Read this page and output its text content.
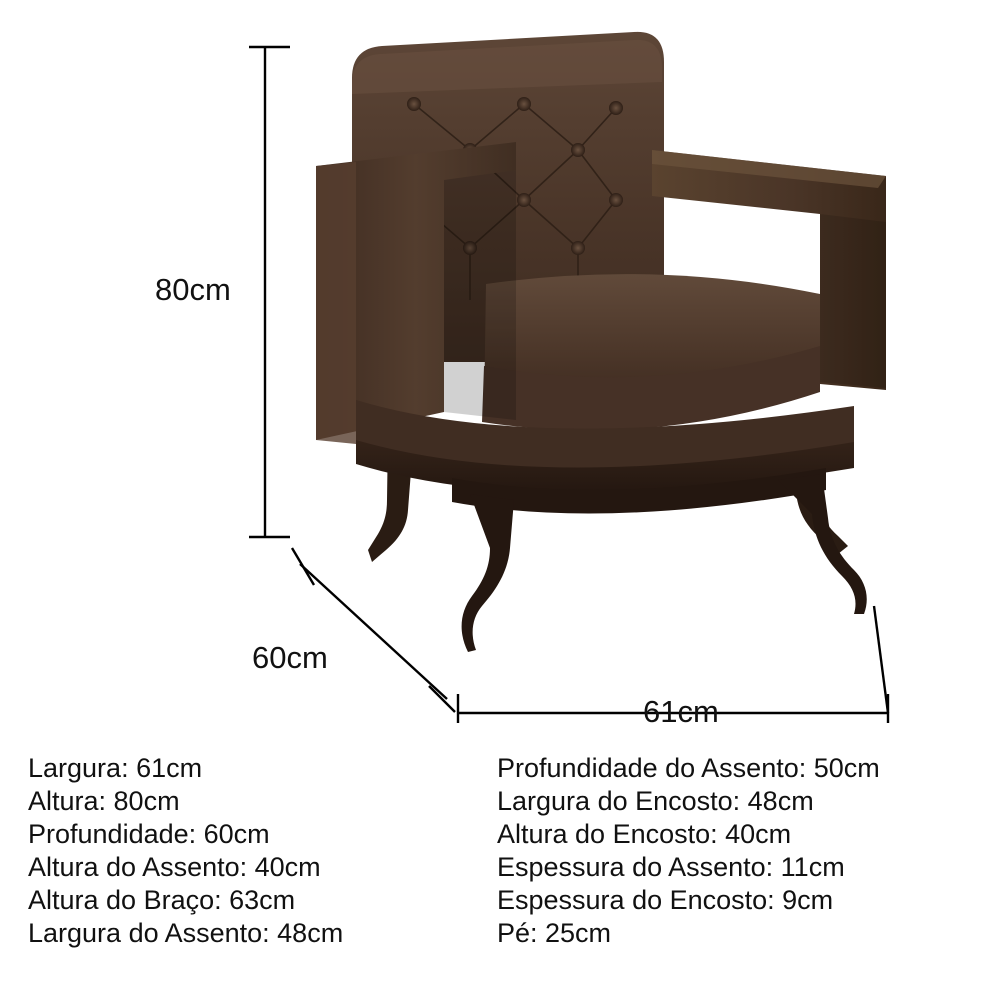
80cm
60cm
61cm
Largura: 61cm
Altura: 80cm
Profundidade: 60cm
Altura do Assento: 40cm
Altura do Braço: 63cm
Largura do Assento: 48cm
Profundidade do Assento: 50cm
Largura do Encosto: 48cm
Altura do Encosto: 40cm
Espessura do Assento: 11cm
Espessura do Encosto: 9cm
Pé: 25cm
